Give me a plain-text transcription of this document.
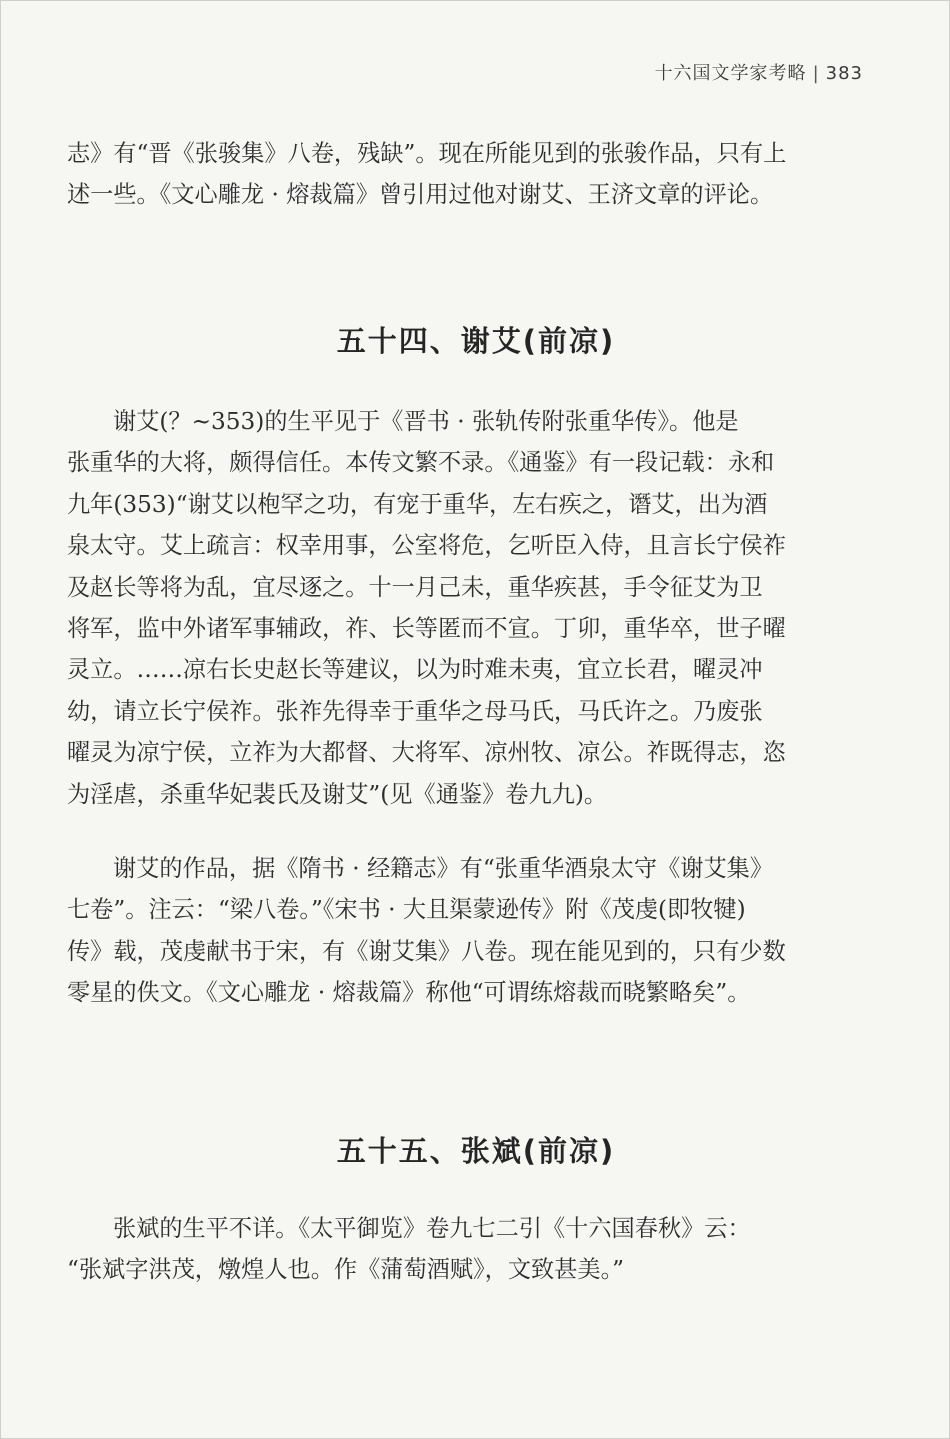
十六国文学家考略 | 383

志》有“晋《张骏集》八卷，残缺”。现在所能见到的张骏作品，只有上

述一些。《文心雕龙 · 熔裁篇》曾引用过他对谢艾、王济文章的评论。

五十四、谢艾(前凉)

谢艾(？~353)的生平见于《晋书 · 张轨传附张重华传》。他是

张重华的大将，颇得信任。本传文繁不录。《通鉴》有一段记载：永和

九年(353)“谢艾以枹罕之功，有宠于重华，左右疾之，谮艾，出为酒

泉太守。艾上疏言：权幸用事，公室将危，乞听臣入侍，且言长宁侯祚

及赵长等将为乱，宜尽逐之。十一月己未，重华疾甚，手令征艾为卫

将军，监中外诸军事辅政，祚、长等匿而不宣。丁卯，重华卒，世子曜

灵立。……凉右长史赵长等建议，以为时难未夷，宜立长君，曜灵冲

幼，请立长宁侯祚。张祚先得幸于重华之母马氏，马氏许之。乃废张

曜灵为凉宁侯，立祚为大都督、大将军、凉州牧、凉公。祚既得志，恣

为淫虐，杀重华妃裴氏及谢艾”(见《通鉴》卷九九)。

谢艾的作品，据《隋书 · 经籍志》有“张重华酒泉太守《谢艾集》

七卷”。注云：“梁八卷。”《宋书 · 大且渠蒙逊传》附《茂虔(即牧犍)

传》载，茂虔献书于宋，有《谢艾集》八卷。现在能见到的，只有少数

零星的佚文。《文心雕龙 · 熔裁篇》称他“可谓练熔裁而晓繁略矣”。

五十五、张斌(前凉)

张斌的生平不详。《太平御览》卷九七二引《十六国春秋》云：

“张斌字洪茂，燉煌人也。作《蒲萄酒赋》，文致甚美。”
